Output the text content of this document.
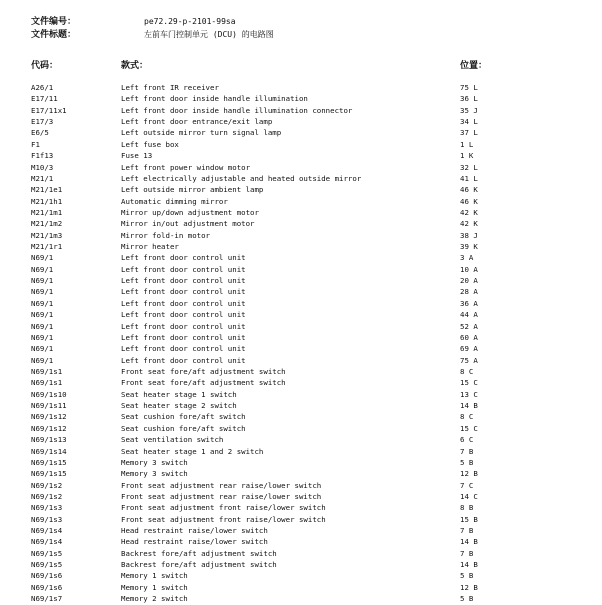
文件编号：	pe72.29-p-2101-99sa
文件标题：	左前车门控制单元 (DCU) 的电路图
代码：	款式：	位置：
A26/1	Left front IR receiver	75 L
E17/11	Left front door inside handle illumination	36 L
E17/11x1	Left front door inside handle illumination connector	35 J
E17/3	Left front door entrance/exit lamp	34 L
E6/5	Left outside mirror turn signal lamp	37 L
F1	Left fuse box	1 L
F1f13	Fuse 13	1 K
M10/3	Left front power window motor	32 L
M21/1	Left electrically adjustable and heated outside mirror	41 L
M21/1e1	Left outside mirror ambient lamp	46 K
M21/1h1	Automatic dimming mirror	46 K
M21/1m1	Mirror up/down adjustment motor	42 K
M21/1m2	Mirror in/out adjustment motor	42 K
M21/1m3	Mirror fold-in motor	38 J
M21/1r1	Mirror heater	39 K
N69/1	Left front door control unit	3 A
N69/1	Left front door control unit	10 A
N69/1	Left front door control unit	20 A
N69/1	Left front door control unit	28 A
N69/1	Left front door control unit	36 A
N69/1	Left front door control unit	44 A
N69/1	Left front door control unit	52 A
N69/1	Left front door control unit	60 A
N69/1	Left front door control unit	69 A
N69/1	Left front door control unit	75 A
N69/1s1	Front seat fore/aft adjustment switch	8 C
N69/1s1	Front seat fore/aft adjustment switch	15 C
N69/1s10	Seat heater stage 1 switch	13 C
N69/1s11	Seat heater stage 2 switch	14 B
N69/1s12	Seat cushion fore/aft switch	8 C
N69/1s12	Seat cushion fore/aft switch	15 C
N69/1s13	Seat ventilation switch	6 C
N69/1s14	Seat heater stage 1 and 2 switch	7 B
N69/1s15	Memory 3 switch	5 B
N69/1s15	Memory 3 switch	12 B
N69/1s2	Front seat adjustment rear raise/lower switch	7 C
N69/1s2	Front seat adjustment rear raise/lower switch	14 C
N69/1s3	Front seat adjustment front raise/lower switch	8 B
N69/1s3	Front seat adjustment front raise/lower switch	15 B
N69/1s4	Head restraint raise/lower switch	7 B
N69/1s4	Head restraint raise/lower switch	14 B
N69/1s5	Backrest fore/aft adjustment switch	7 B
N69/1s5	Backrest fore/aft adjustment switch	14 B
N69/1s6	Memory 1 switch	5 B
N69/1s6	Memory 1 switch	12 B
N69/1s7	Memory 2 switch	5 B
